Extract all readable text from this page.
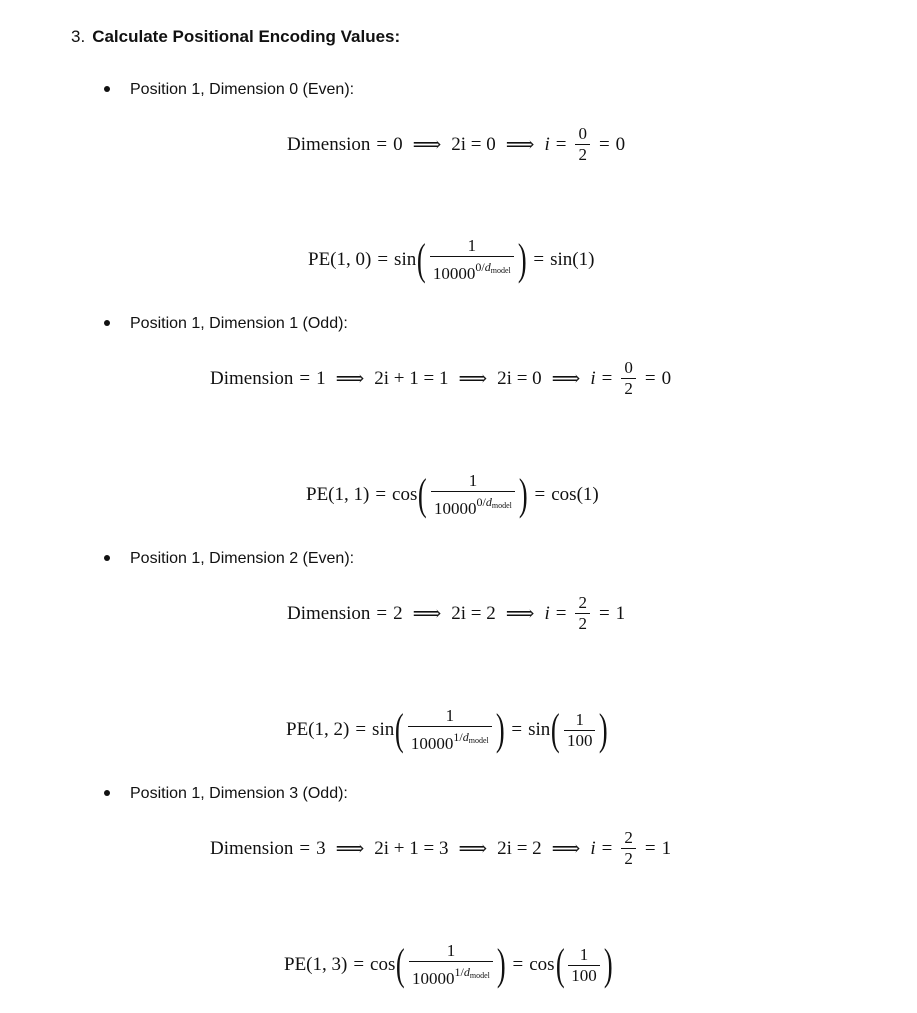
3. Calculate Positional Encoding Values:
Position 1, Dimension 0 (Even):
Dimension = 0 ⟹ 2i = 0 ⟹ $i = \frac{0}{2} = 0$
PE(1, 0) = sin ( $\frac{1}{10000^{0/d_{model}}}$ ) = sin(1)
Position 1, Dimension 1 (Odd):
Dimension = 1 ⟹ 2i + 1 = 1 ⟹ 2i = 0 ⟹ $i = \frac{0}{2} = 0$
PE(1, 1) = cos ( $\frac{1}{10000^{0/d_{model}}}$ ) = cos(1)
Position 1, Dimension 2 (Even):
Dimension = 2 ⟹ 2i = 2 ⟹ $i = \frac{2}{2} = 1$
PE(1, 2) = sin ( $\frac{1}{10000^{1/d_{model}}}$ ) = sin ( $\frac{1}{100}$ )
Position 1, Dimension 3 (Odd):
Dimension = 3 ⟹ 2i + 1 = 3 ⟹ 2i = 2 ⟹ $i = \frac{2}{2} = 1$
PE(1, 3) = cos ( $\frac{1}{10000^{1/d_{model}}}$ ) = cos ( $\frac{1}{100}$ )
